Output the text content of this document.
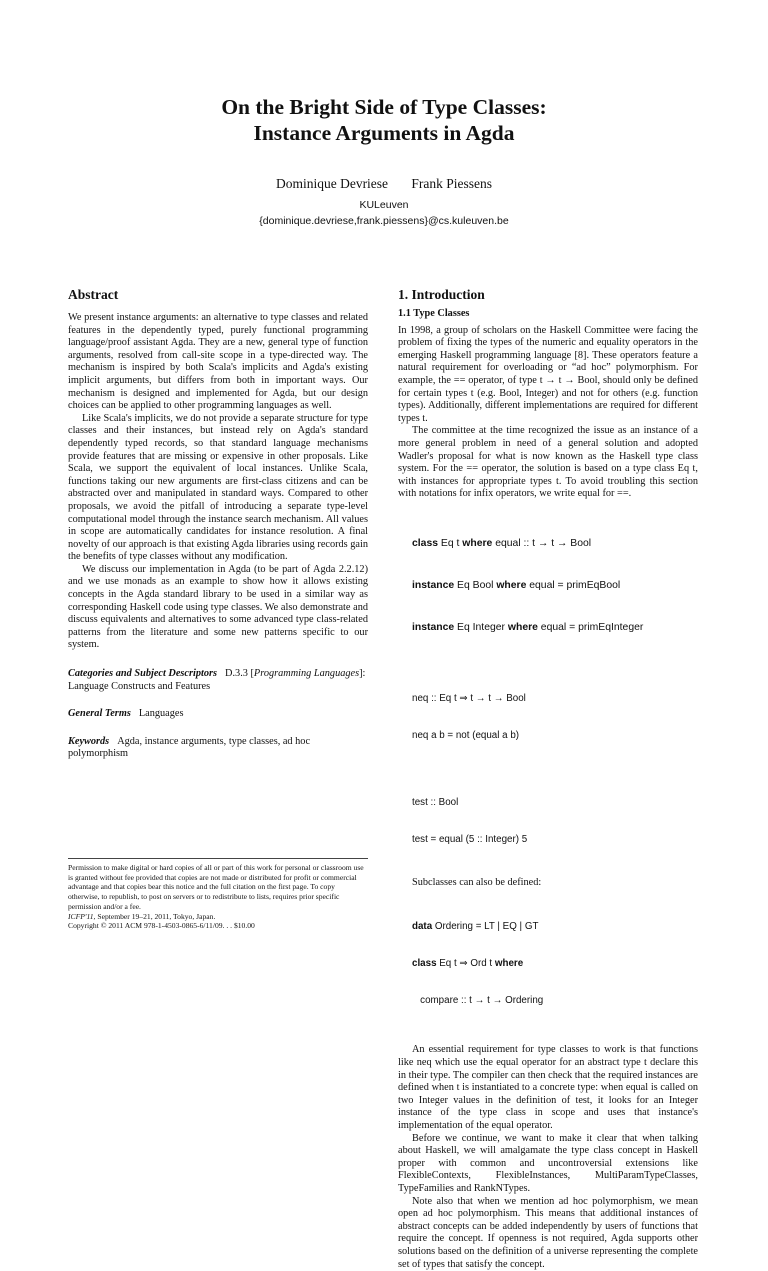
On the Bright Side of Type Classes:
Instance Arguments in Agda
Dominique Devriese Frank Piessens
KULeuven
{dominique.devriese,frank.piessens}@cs.kuleuven.be
Abstract

We present instance arguments: an alternative to type classes and related features in the dependently typed, purely functional programming language/proof assistant Agda. They are a new, general type of function arguments, resolved from call-site scope in a type-directed way. The mechanism is inspired by both Scala's implicits and Agda's existing implicit arguments, but differs from both in important ways. Our mechanism is designed and implemented for Agda, but our design choices can be applied to other programming languages as well.

Like Scala's implicits, we do not provide a separate structure for type classes and their instances, but instead rely on Agda's standard dependently typed records, so that standard language mechanisms provide features that are missing or expensive in other proposals. Like Scala, we support the equivalent of local instances. Unlike Scala, functions taking our new arguments are first-class citizens and can be abstracted over and manipulated in standard ways. Compared to other proposals, we avoid the pitfall of introducing a separate type-level computational model through the instance search mechanism. All values in scope are automatically candidates for instance resolution. A final novelty of our approach is that existing Agda libraries using records gain the benefits of type classes without any modification.

We discuss our implementation in Agda (to be part of Agda 2.2.12) and we use monads as an example to show how it allows existing concepts in the Agda standard library to be used in a similar way as corresponding Haskell code using type classes. We also demonstrate and discuss equivalents and alternatives to some advanced type class-related patterns from the literature and some new patterns specific to our system.

Categories and Subject Descriptors D.3.3 [Programming Languages]: Language Constructs and Features

General Terms Languages

Keywords Agda, instance arguments, type classes, ad hoc polymorphism

Permission to make digital or hard copies of all or part of this work for personal or classroom use is granted without fee provided that copies are not made or distributed for profit or commercial advantage and that copies bear this notice and the full citation on the first page. To copy otherwise, to republish, to post on servers or to redistribute to lists, requires prior specific permission and/or a fee.

ICFP'11, September 19–21, 2011, Tokyo, Japan.

Copyright © 2011 ACM 978-1-4503-0865-6/11/09. . . $10.00

1. Introduction
1.1 Type Classes

In 1998, a group of scholars on the Haskell Committee were facing the problem of fixing the types of the numeric and equality operators in the emerging Haskell programming language [8]. These operators feature a natural requirement for overloading or “ad hoc” polymorphism. For example, the == operator, of type t → t → Bool, should only be defined for certain types t (e.g. Bool, Integer) and not for others (e.g. function types). Additionally, different implementations are required for different types t.

The committee at the time recognized the issue as an instance of a more general problem in need of a general solution and adopted Wadler's proposal for what is now known as the Haskell type class system. For the == operator, the solution is based on a type class Eq t, with instances for appropriate types t. To avoid troubling this section with notations for infix operators, we write equal for ==.

class Eq t where equal :: t → t → Bool

instance Eq Bool where equal = primEqBool

instance Eq Integer where equal = primEqInteger

neq :: Eq t ⇒ t → t → Bool

neq a b = not (equal a b)

test :: Bool

test = equal (5 :: Integer) 5

Subclasses can also be defined:

data Ordering = LT | EQ | GT

class Eq t ⇒ Ord t where

compare :: t → t → Ordering

An essential requirement for type classes to work is that functions like neq which use the equal operator for an abstract type t declare this in their type. The compiler can then check that the required instances are defined when t is instantiated to a concrete type: when equal is called on two Integer values in the definition of test, it looks for an Integer instance of the type class in scope and uses that instance's implementation of the equal operator.

Before we continue, we want to make it clear that when talking about Haskell, we will amalgamate the type class concept in Haskell proper with common and uncontroversial extensions like FlexibleContexts, FlexibleInstances, MultiParamTypeClasses, TypeFamilies and RankNTypes.

Note also that when we mention ad hoc polymorphism, we mean open ad hoc polymorphism. This means that additional instances of abstract concepts can be added independently by users of functions that require the concept. If openness is not required, Agda supports other solutions based on the definition of a universe representing the complete set of types that satisfy the concept.
